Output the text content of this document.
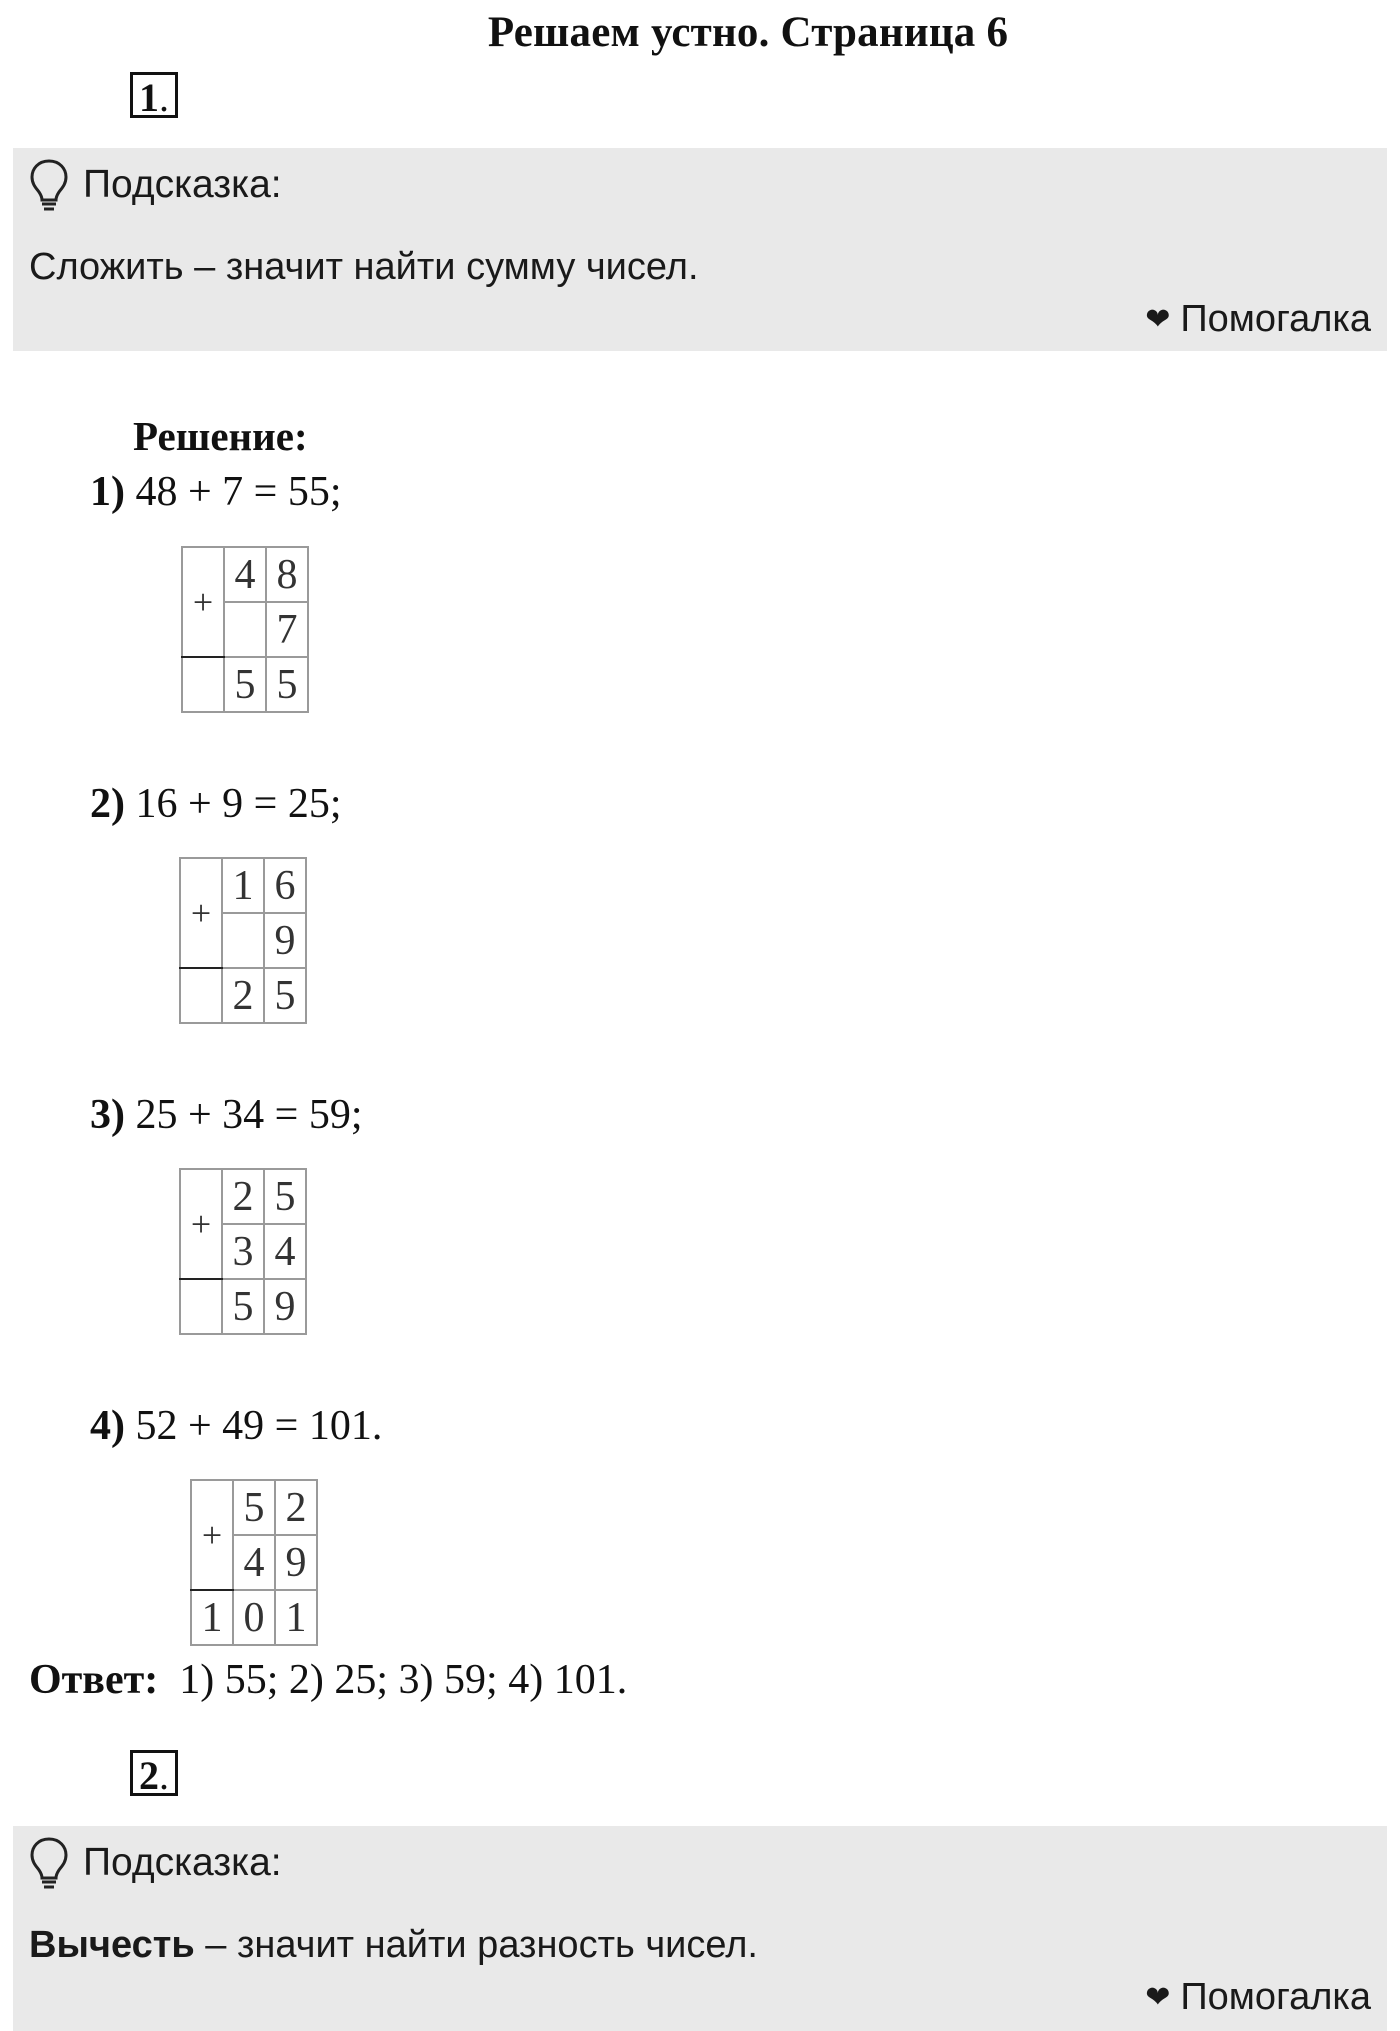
Решаем устно. Страница 6
1.
Подсказка:
Сложить – значит найти сумму чисел.
❤ Помогалка
Решение:
1) 48 + 7 = 55;
+	4	8
		7
	5	5
2) 16 + 9 = 25;
+	1	6
		9
	2	5
3) 25 + 34 = 59;
+	2	5
	3	4
	5	9
4) 52 + 49 = 101.
+	5	2
	4	9
1	0	1
Ответ: 1) 55; 2) 25; 3) 59; 4) 101.
2.
Подсказка:
Вычесть – значит найти разность чисел.
❤ Помогалка
